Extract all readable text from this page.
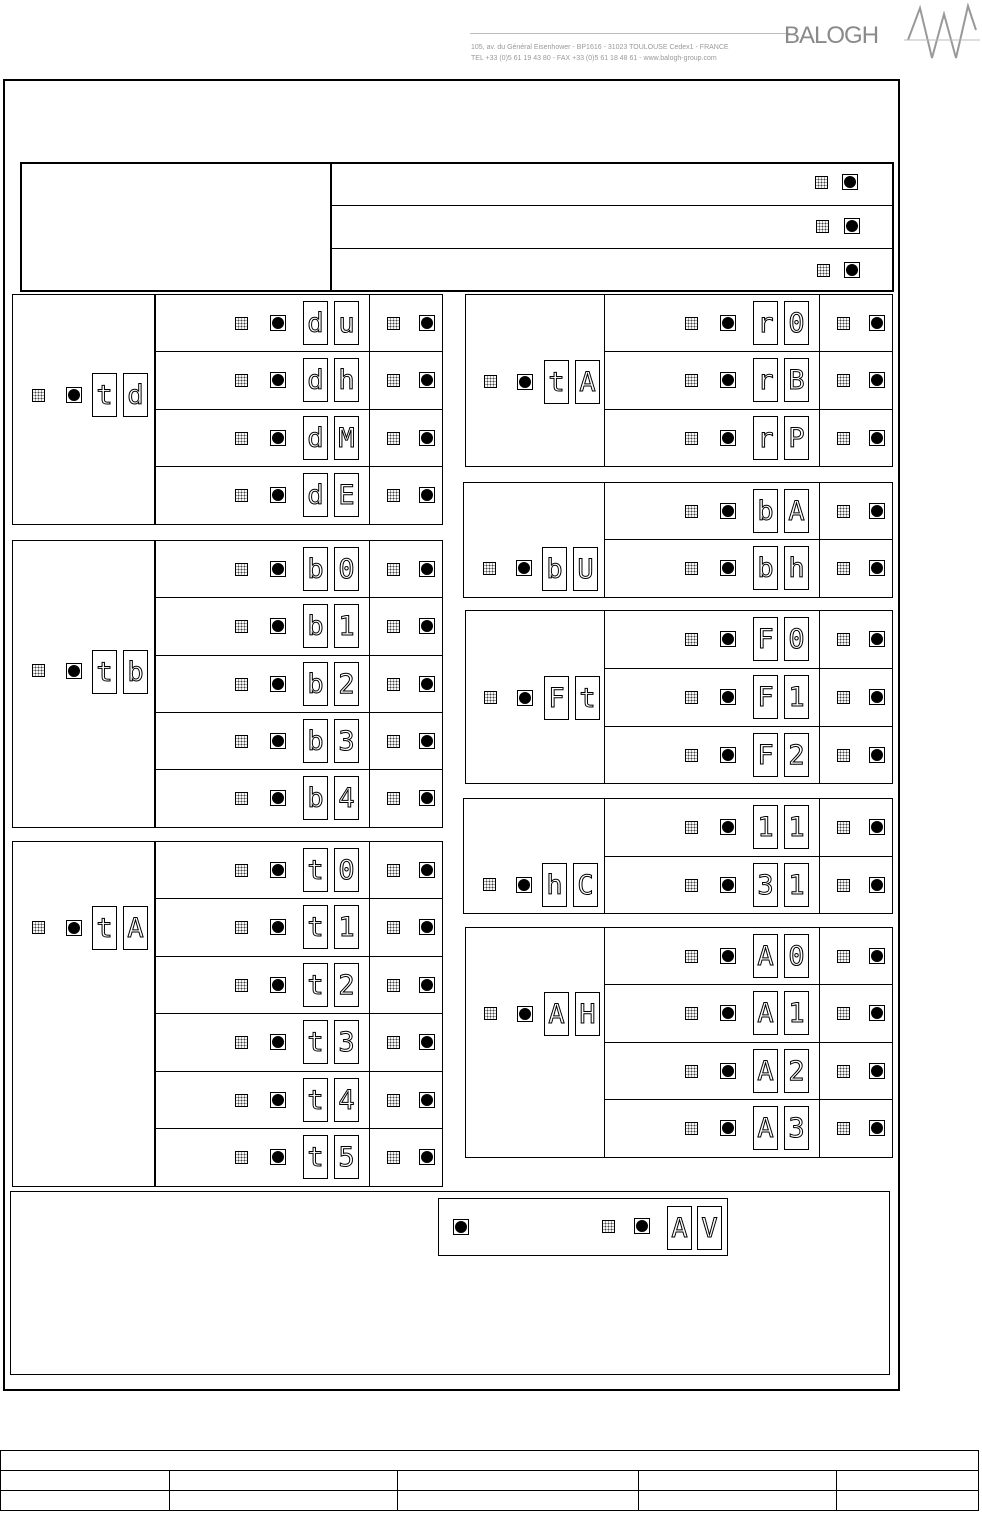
105, av. du Général Eisenhower - BP1616 - 31023 TOULOUSE Cedex1 - FRANCE
TEL +33 (0)5 61 19 43 80 - FAX +33 (0)5 61 18 48 61 - www.balogh-group.com
BALOGH
t d
d u
d h
d M
d E
t b
b 0
b 1
b 2
b 3
b 4
t A
t 0
t 1
t 2
t 3
t 4
t 5
t A
r 0
r B
r P
b U
b A
b h
F t
F 0
F 1
F 2
h C
1 1
3 1
A H
A 0
A 1
A 2
A 3
A V
